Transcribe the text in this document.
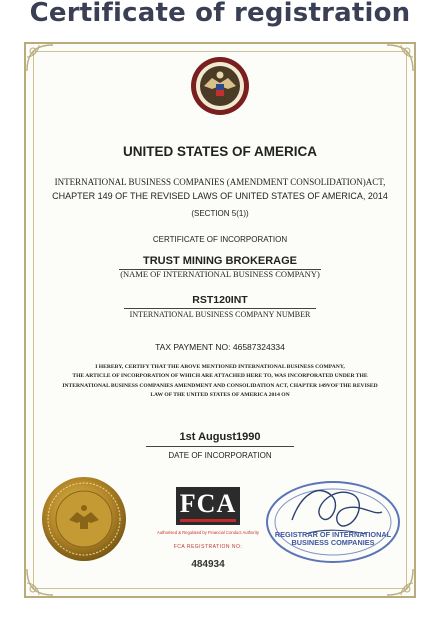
Certificate of registration
UNITED STATES OF AMERICA
INTERNATIONAL BUSINESS COMPANIES (AMENDMENT CONSOLIDATION)ACT,
CHAPTER 149 OF THE REVISED LAWS OF UNITED STATES OF AMERICA, 2014
(SECTION 5(1))
CERTIFICATE OF INCORPORATION
TRUST MINING BROKERAGE
(NAME OF INTERNATIONAL BUSINESS COMPANY)
RST120INT
INTERNATIONAL BUSINESS COMPANY NUMBER
TAX PAYMENT NO: 46587324334
I HEREBY, CERTIFY THAT THE ABOVE MENTIONED INTERNATIONAL BUSINESS COMPANY,
THE ARTICLE OF INCORPORATION OF WHICH ARE ATTACHED HERE TO, WAS INCORPORATED UNDER THE
INTERNATIONAL BUSINESS COMPANIES AMENDMENT AND CONSOLIDATION ACT, CHAPTER 149VOF THE REVISED
LAW OF THE UNITED STATES OF AMERICA 2014 ON
1st August1990
DATE OF INCORPORATION
FCA
Authorised & Regulated by Financial Conduct Authority
FCA REGISTRATION NO:
484934
REGISTRAR OF INTERNATIONAL
BUSINESS COMPANIES
